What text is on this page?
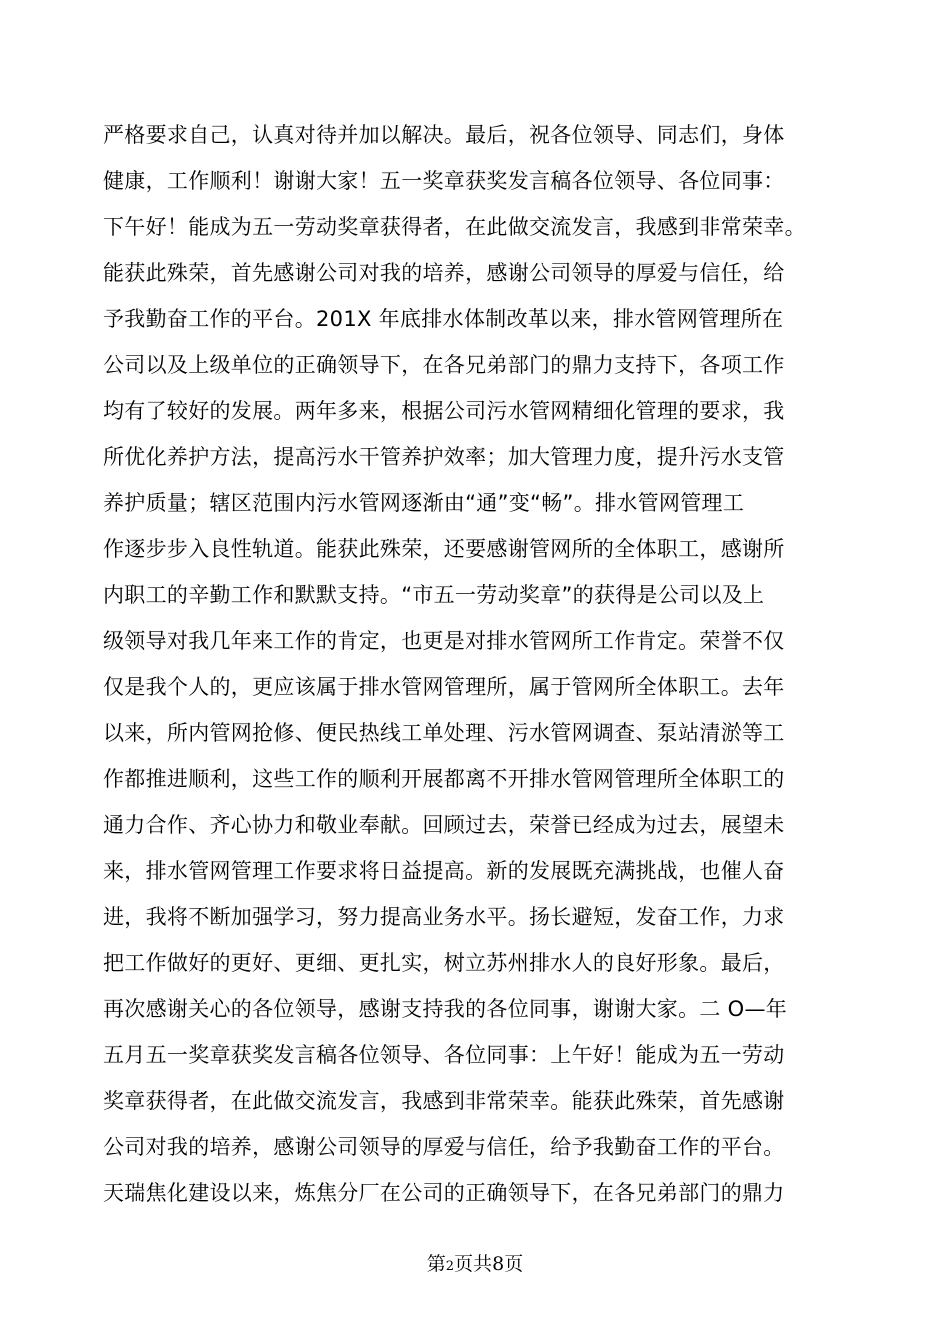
严格要求自己，认真对待并加以解决。最后，祝各位领导、同志们，身体
健康，工作顺利！谢谢大家！五一奖章获奖发言稿各位领导、各位同事：
下午好！能成为五一劳动奖章获得者，在此做交流发言，我感到非常荣幸。
能获此殊荣，首先感谢公司对我的培养，感谢公司领导的厚爱与信任，给
予我勤奋工作的平台。201X 年底排水体制改革以来，排水管网管理所在
公司以及上级单位的正确领导下，在各兄弟部门的鼎力支持下，各项工作
均有了较好的发展。两年多来，根据公司污水管网精细化管理的要求，我
所优化养护方法，提高污水干管养护效率；加大管理力度，提升污水支管
养护质量；辖区范围内污水管网逐渐由“通”变“畅”。排水管网管理工
作逐步步入良性轨道。能获此殊荣，还要感谢管网所的全体职工，感谢所
内职工的辛勤工作和默默支持。“市五一劳动奖章”的获得是公司以及上
级领导对我几年来工作的肯定，也更是对排水管网所工作肯定。荣誉不仅
仅是我个人的，更应该属于排水管网管理所，属于管网所全体职工。去年
以来，所内管网抢修、便民热线工单处理、污水管网调查、泵站清淤等工
作都推进顺利，这些工作的顺利开展都离不开排水管网管理所全体职工的
通力合作、齐心协力和敬业奉献。回顾过去，荣誉已经成为过去，展望未
来，排水管网管理工作要求将日益提高。新的发展既充满挑战，也催人奋
进，我将不断加强学习，努力提高业务水平。扬长避短，发奋工作，力求
把工作做好的更好、更细、更扎实，树立苏州排水人的良好形象。最后，
再次感谢关心的各位领导，感谢支持我的各位同事，谢谢大家。二 O—年
五月五一奖章获奖发言稿各位领导、各位同事：上午好！能成为五一劳动
奖章获得者，在此做交流发言，我感到非常荣幸。能获此殊荣，首先感谢
公司对我的培养，感谢公司领导的厚爱与信任，给予我勤奋工作的平台。
天瑞焦化建设以来，炼焦分厂在公司的正确领导下，在各兄弟部门的鼎力
第2页共8页
